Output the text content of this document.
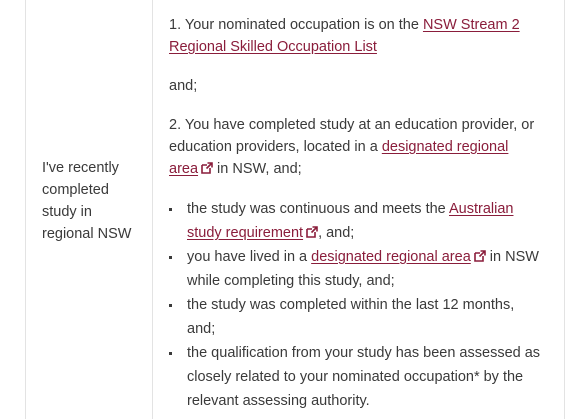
I've recently completed study in regional NSW
1. Your nominated occupation is on the NSW Stream 2 Regional Skilled Occupation List
and;
2. You have completed study at an education provider, or education providers, located in a designated regional area in NSW, and;
the study was continuous and meets the Australian study requirement , and;
you have lived in a designated regional area in NSW while completing this study, and;
the study was completed within the last 12 months, and;
the qualification from your study has been assessed as closely related to your nominated occupation* by the relevant assessing authority.
